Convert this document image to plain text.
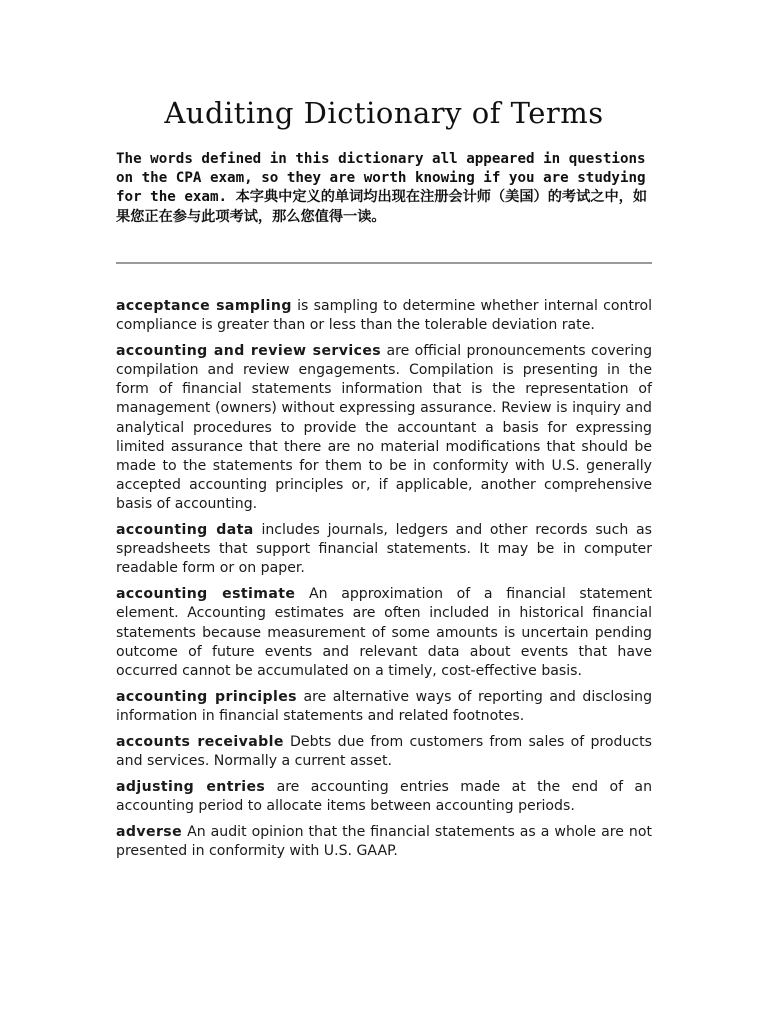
Auditing Dictionary of Terms

The words defined in this dictionary all appeared in questions on the CPA exam, so they are worth knowing if you are studying for the exam. 本字典中定义的单词均出现在注册会计师（美国）的考试之中，如果您正在参与此项考试，那么您值得一读。

acceptance sampling is sampling to determine whether internal control compliance is greater than or less than the tolerable deviation rate.

accounting and review services are official pronouncements covering compilation and review engagements. Compilation is presenting in the form of financial statements information that is the representation of management (owners) without expressing assurance. Review is inquiry and analytical procedures to provide the accountant a basis for expressing limited assurance that there are no material modifications that should be made to the statements for them to be in conformity with U.S. generally accepted accounting principles or, if applicable, another comprehensive basis of accounting.

accounting data includes journals, ledgers and other records such as spreadsheets that support financial statements. It may be in computer readable form or on paper.

accounting estimate An approximation of a financial statement element. Accounting estimates are often included in historical financial statements because measurement of some amounts is uncertain pending outcome of future events and relevant data about events that have occurred cannot be accumulated on a timely, cost-effective basis.

accounting principles are alternative ways of reporting and disclosing information in financial statements and related footnotes.

accounts receivable Debts due from customers from sales of products and services. Normally a current asset.

adjusting entries are accounting entries made at the end of an accounting period to allocate items between accounting periods.

adverse An audit opinion that the financial statements as a whole are not presented in conformity with U.S. GAAP.
